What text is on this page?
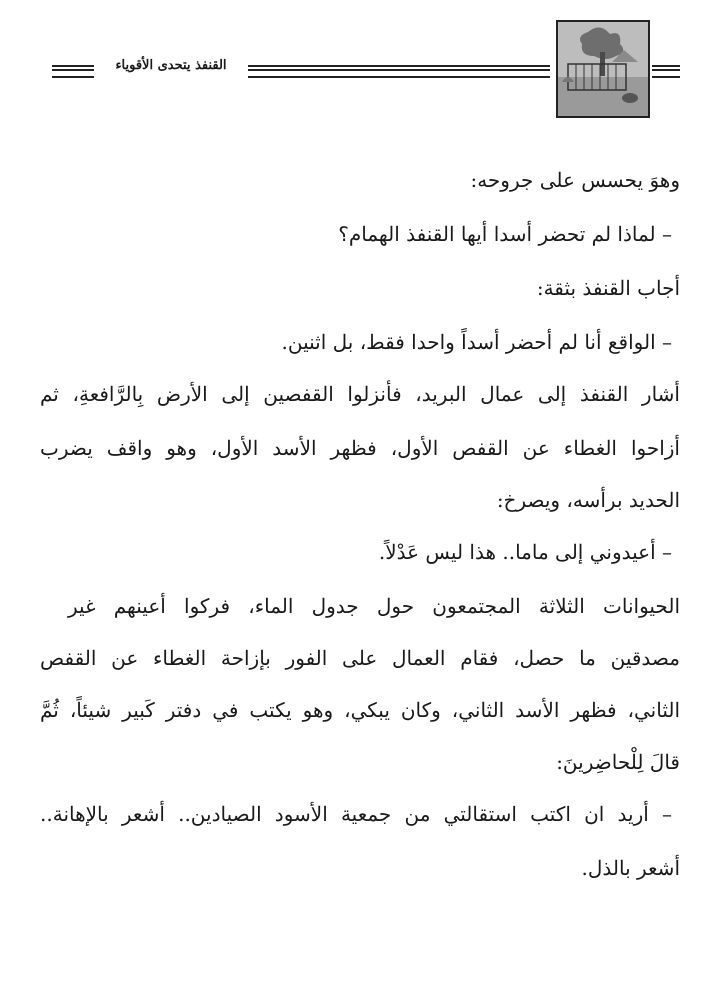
القنفذ يتحدى الأقوياء
وهوَ يحسس على جروحه:
– لماذا لم تحضر أسدا أيها القنفذ الهمام؟
أجاب القنفذ بثقة:
– الواقع أنا لم أحضر أسداً واحدا فقط، بل اثنين.
أشار القنفذ إلى عمال البريد، فأنزلوا القفصين إلى الأرض بِالرَّافعةِ، ثم
أزاحوا الغطاء عن القفص الأول، فظهر الأسد الأول، وهو واقف يضرب
الحديد برأسه، ويصرخ:
– أعيدوني إلى ماما.. هذا ليس عَدْلاً.
الحيوانات الثلاثة المجتمعون حول جدول الماء، فركوا أعينهم غير
مصدقين ما حصل، فقام العمال على الفور بإزاحة الغطاء عن القفص
الثاني، فظهر الأسد الثاني، وكان يبكي، وهو يكتب في دفتر كَبير شيئاً، ثُمَّ
قالَ لِلْحاضِرينَ:
– أريد ان اكتب استقالتي من جمعية الأسود الصيادين.. أشعر بالإهانة..
أشعر بالذل.
